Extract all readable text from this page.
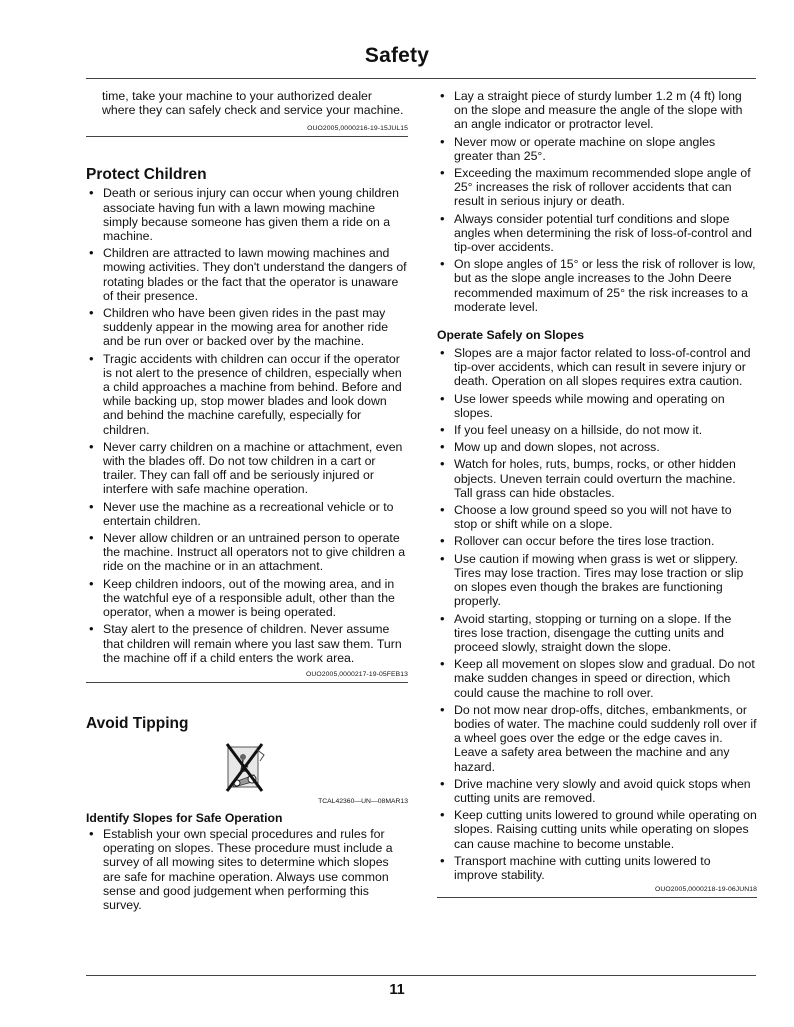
Safety

time, take your machine to your authorized dealer where they can safely check and service your machine.

OUO2005,0000216-19-15JUL15

Protect Children
• Death or serious injury can occur when young children associate having fun with a lawn mowing machine simply because someone has given them a ride on a machine.
• Children are attracted to lawn mowing machines and mowing activities. They don't understand the dangers of rotating blades or the fact that the operator is unaware of their presence.
• Children who have been given rides in the past may suddenly appear in the mowing area for another ride and be run over or backed over by the machine.
• Tragic accidents with children can occur if the operator is not alert to the presence of children, especially when a child approaches a machine from behind. Before and while backing up, stop mower blades and look down and behind the machine carefully, especially for children.
• Never carry children on a machine or attachment, even with the blades off. Do not tow children in a cart or trailer. They can fall off and be seriously injured or interfere with safe machine operation.
• Never use the machine as a recreational vehicle or to entertain children.
• Never allow children or an untrained person to operate the machine. Instruct all operators not to give children a ride on the machine or in an attachment.
• Keep children indoors, out of the mowing area, and in the watchful eye of a responsible adult, other than the operator, when a mower is being operated.
• Stay alert to the presence of children. Never assume that children will remain where you last saw them. Turn the machine off if a child enters the work area.

OUO2005,0000217-19-05FEB13

Avoid Tipping
TCAL42360—UN—08MAR13
Identify Slopes for Safe Operation
• Establish your own special procedures and rules for operating on slopes. These procedure must include a survey of all mowing sites to determine which slopes are safe for machine operation. Always use common sense and good judgement when performing this survey.
• Lay a straight piece of sturdy lumber 1.2 m (4 ft) long on the slope and measure the angle of the slope with an angle indicator or protractor level.
• Never mow or operate machine on slope angles greater than 25°.
• Exceeding the maximum recommended slope angle of 25° increases the risk of rollover accidents that can result in serious injury or death.
• Always consider potential turf conditions and slope angles when determining the risk of loss-of-control and tip-over accidents.
• On slope angles of 15° or less the risk of rollover is low, but as the slope angle increases to the John Deere recommended maximum of 25° the risk increases to a moderate level.
Operate Safely on Slopes
• Slopes are a major factor related to loss-of-control and tip-over accidents, which can result in severe injury or death. Operation on all slopes requires extra caution.
• Use lower speeds while mowing and operating on slopes.
• If you feel uneasy on a hillside, do not mow it.
• Mow up and down slopes, not across.
• Watch for holes, ruts, bumps, rocks, or other hidden objects. Uneven terrain could overturn the machine. Tall grass can hide obstacles.
• Choose a low ground speed so you will not have to stop or shift while on a slope.
• Rollover can occur before the tires lose traction.
• Use caution if mowing when grass is wet or slippery. Tires may lose traction. Tires may lose traction or slip on slopes even though the brakes are functioning properly.
• Avoid starting, stopping or turning on a slope. If the tires lose traction, disengage the cutting units and proceed slowly, straight down the slope.
• Keep all movement on slopes slow and gradual. Do not make sudden changes in speed or direction, which could cause the machine to roll over.
• Do not mow near drop-offs, ditches, embankments, or bodies of water. The machine could suddenly roll over if a wheel goes over the edge or the edge caves in. Leave a safety area between the machine and any hazard.
• Drive machine very slowly and avoid quick stops when cutting units are removed.
• Keep cutting units lowered to ground while operating on slopes. Raising cutting units while operating on slopes can cause machine to become unstable.
• Transport machine with cutting units lowered to improve stability.

OUO2005,0000218-19-06JUN18

11
